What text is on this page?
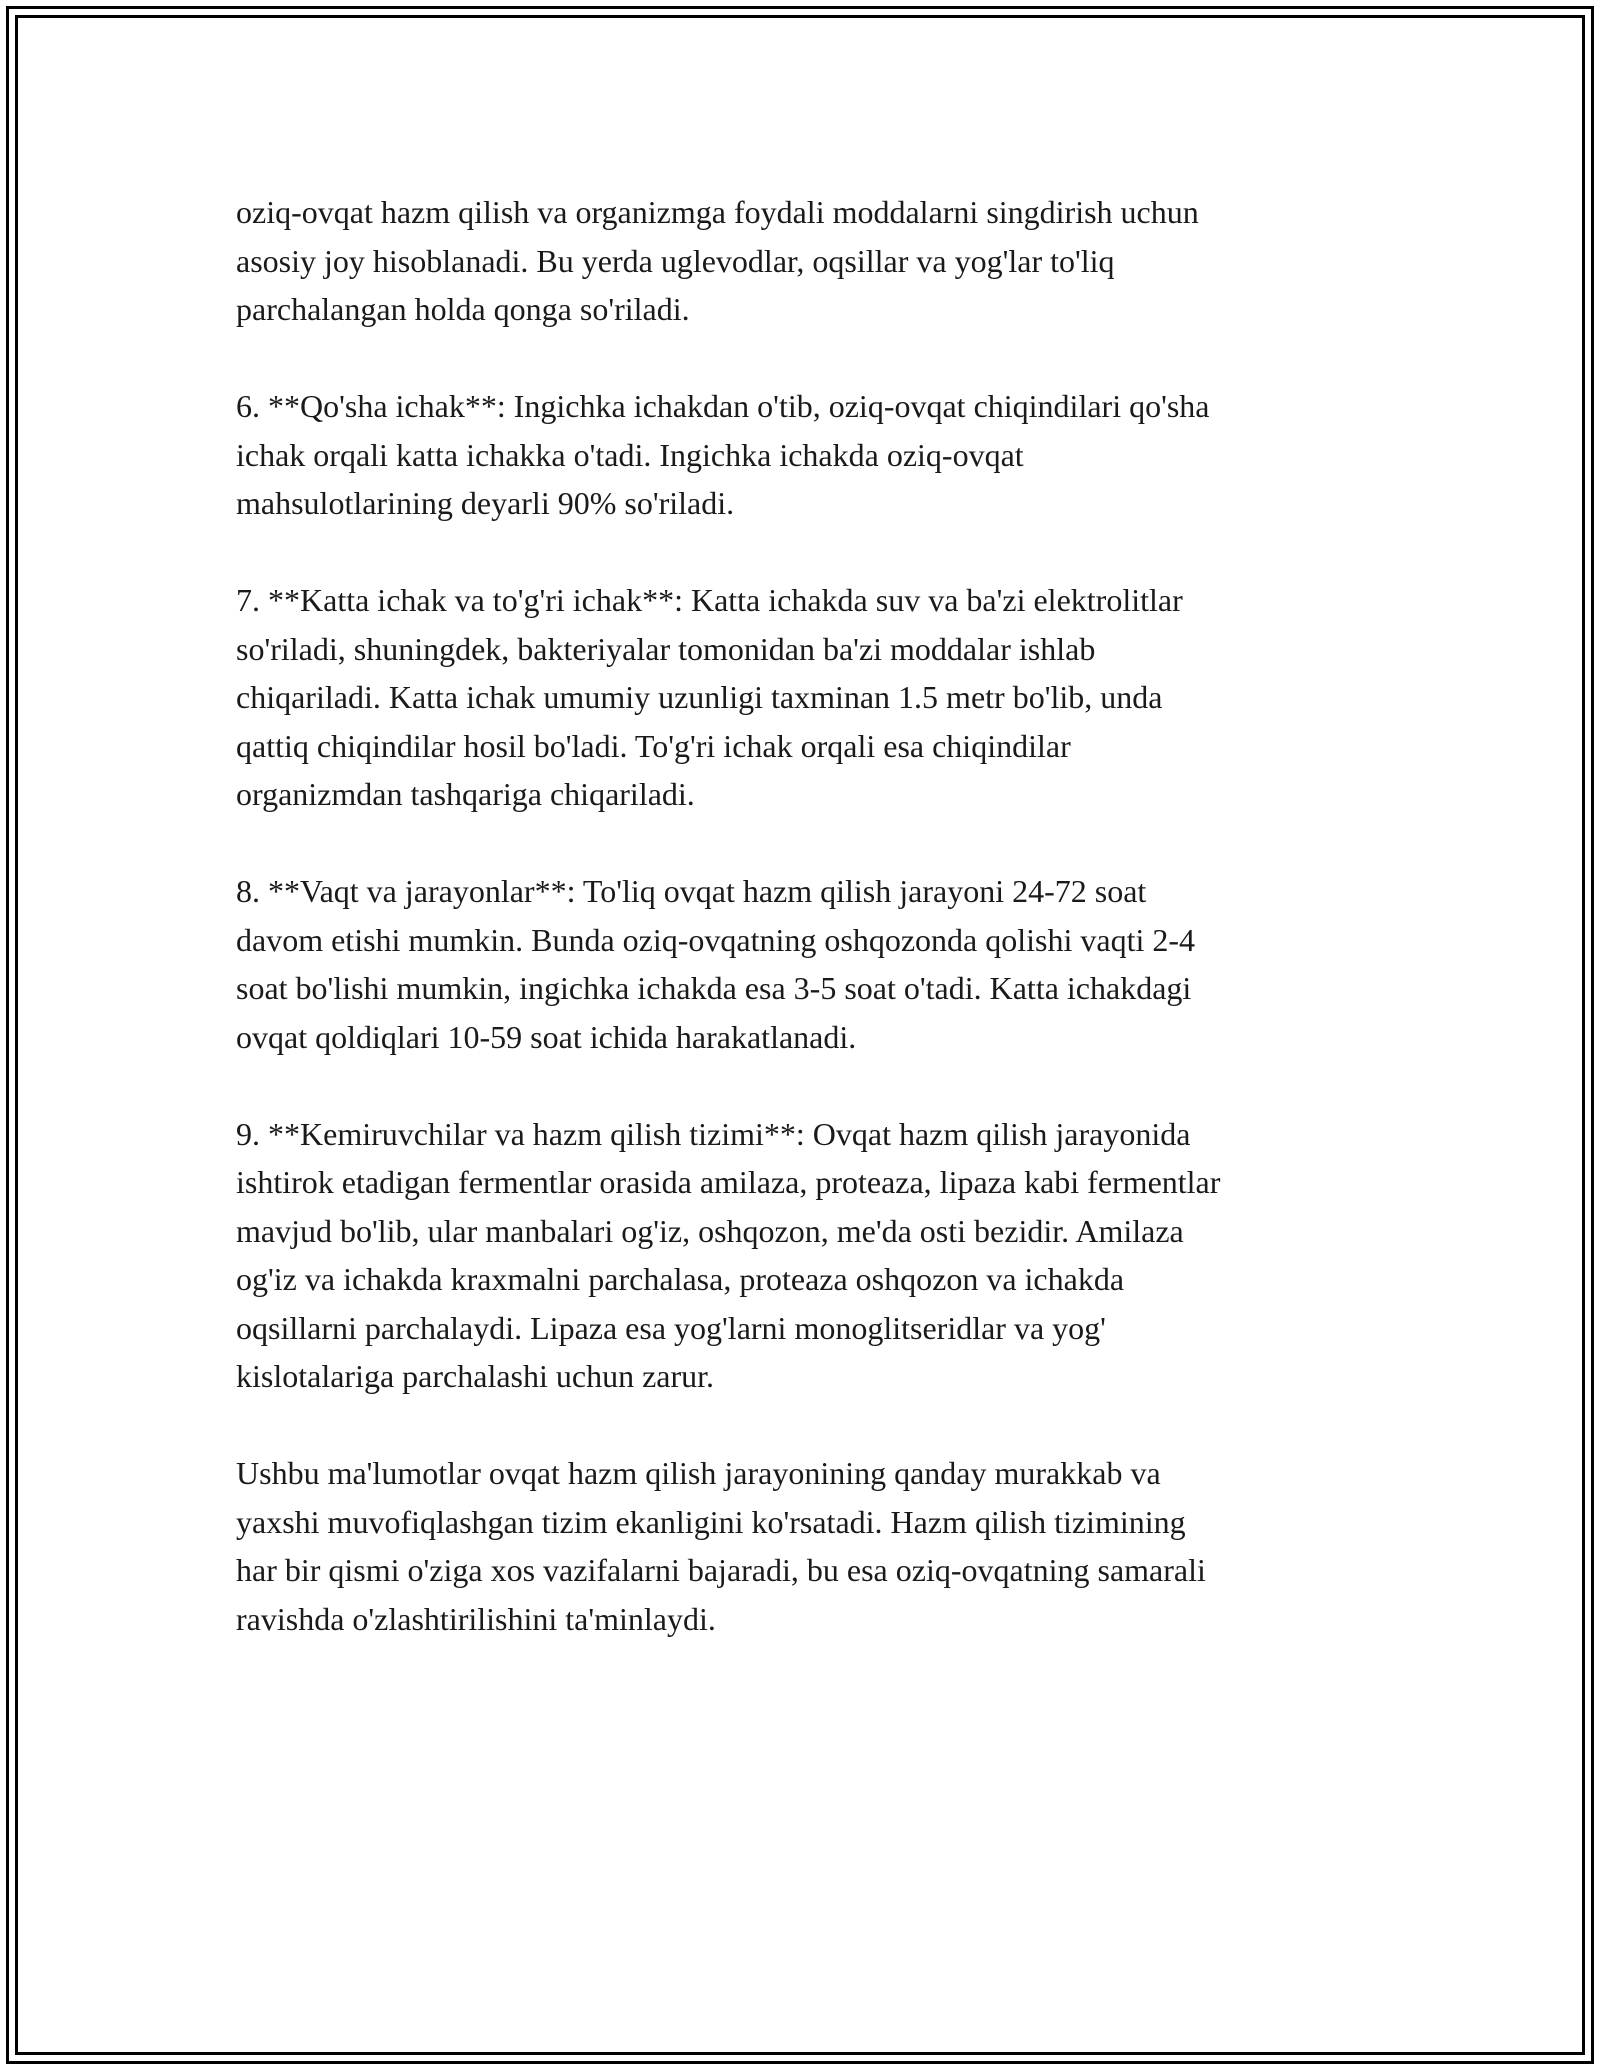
oziq-ovqat hazm qilish va organizmga foydali moddalarni singdirish uchun
asosiy joy hisoblanadi. Bu yerda uglevodlar, oqsillar va yog'lar to'liq
parchalangan holda qonga so'riladi.

6. **Qo'sha ichak**: Ingichka ichakdan o'tib, oziq-ovqat chiqindilari qo'sha
ichak orqali katta ichakka o'tadi. Ingichka ichakda oziq-ovqat
mahsulotlarining deyarli 90% so'riladi.

7. **Katta ichak va to'g'ri ichak**: Katta ichakda suv va ba'zi elektrolitlar
so'riladi, shuningdek, bakteriyalar tomonidan ba'zi moddalar ishlab
chiqariladi. Katta ichak umumiy uzunligi taxminan 1.5 metr bo'lib, unda
qattiq chiqindilar hosil bo'ladi. To'g'ri ichak orqali esa chiqindilar
organizmdan tashqariga chiqariladi.

8. **Vaqt va jarayonlar**: To'liq ovqat hazm qilish jarayoni 24-72 soat
davom etishi mumkin. Bunda oziq-ovqatning oshqozonda qolishi vaqti 2-4
soat bo'lishi mumkin, ingichka ichakda esa 3-5 soat o'tadi. Katta ichakdagi
ovqat qoldiqlari 10-59 soat ichida harakatlanadi.

9. **Kemiruvchilar va hazm qilish tizimi**: Ovqat hazm qilish jarayonida
ishtirok etadigan fermentlar orasida amilaza, proteaza, lipaza kabi fermentlar
mavjud bo'lib, ular manbalari og'iz, oshqozon, me'da osti bezidir. Amilaza
og'iz va ichakda kraxmalni parchalasa, proteaza oshqozon va ichakda
oqsillarni parchalaydi. Lipaza esa yog'larni monoglitseridlar va yog'
kislotalariga parchalashi uchun zarur.

Ushbu ma'lumotlar ovqat hazm qilish jarayonining qanday murakkab va
yaxshi muvofiqlashgan tizim ekanligini ko'rsatadi. Hazm qilish tizimining
har bir qismi o'ziga xos vazifalarni bajaradi, bu esa oziq-ovqatning samarali
ravishda o'zlashtirilishini ta'minlaydi.
